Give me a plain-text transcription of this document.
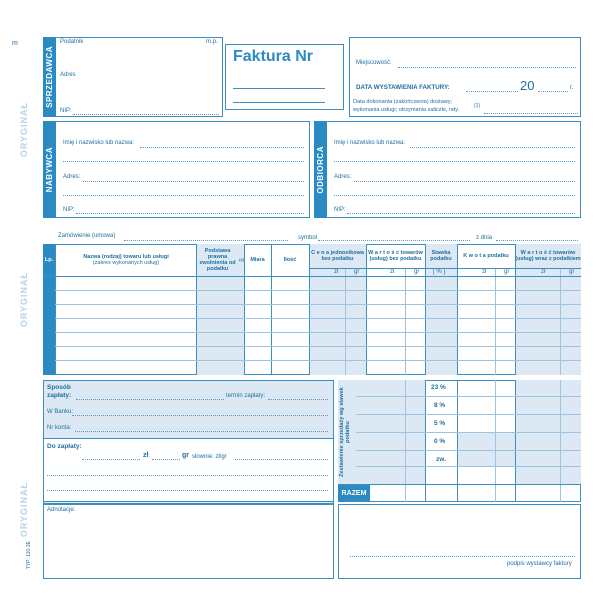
ORYGINAŁ
ORYGINAŁ
ORYGINAŁ
TYP: 110-3E
m
SPRZEDAWCA
Podatnik	m.p.
Adres
NIP:
Faktura Nr	Miejscowość:
DATA WYSTAWIENIA FAKTURY:	20	r.
Data dokonania (zakończenia) dostawy;
wykonania usługi; otrzymania zaliczki, raty.
(1)
NABYWCA
Imię i nazwisko lub nazwa:
Adres:
NIP:
ODBIORCA
Imię i nazwisko lub nazwa:
Adres:
NIP:
Zamówienie (umowa)	symbol	z dnia
Lp.
Nazwa (rodzaj) towaru lub usługi
(zakres wykonanych usług)
Podstawa prawna zwolnienia od podatku
(2)	Miara	Ilość
C e n a jednostkowa bez podatku
W a r t o ś ć towarów (usług) bez podatku
Stawka podatku
K w o t a podatku
W a r t o ś ć towarów (usług) wraz z podatkiem
zł	gr	zł	gr [ % ]	zł	gr	zł	gr
Sposób zapłaty:	termin zapłaty:
W Banku:
Nr konta:
Do zapłaty:
zł	gr słownie: zł/gr	Zestawienie sprzedaży wg stawek podatku
23 %
8 %
5 %
0 %
zw.
RAZEM
Adnotacje:
podpis wystawcy faktury
